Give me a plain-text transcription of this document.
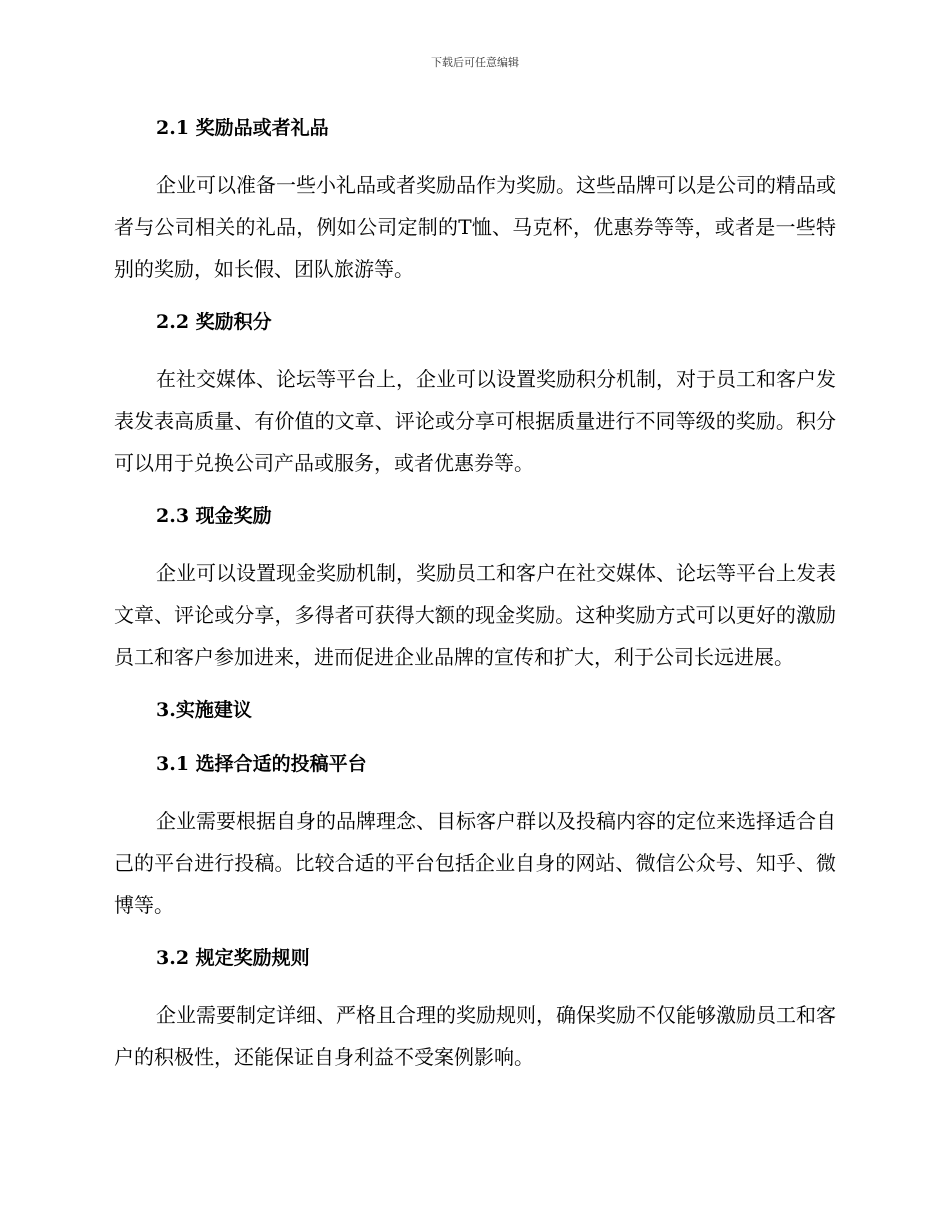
下载后可任意编辑
2.1 奖励品或者礼品

企业可以准备一些小礼品或者奖励品作为奖励。这些品牌可以是公司的精品或者与公司相关的礼品，例如公司定制的T恤、马克杯，优惠券等等，或者是一些特别的奖励，如长假、团队旅游等。

2.2 奖励积分

在社交媒体、论坛等平台上，企业可以设置奖励积分机制，对于员工和客户发表发表高质量、有价值的文章、评论或分享可根据质量进行不同等级的奖励。积分可以用于兑换公司产品或服务，或者优惠券等。

2.3 现金奖励

企业可以设置现金奖励机制，奖励员工和客户在社交媒体、论坛等平台上发表文章、评论或分享，多得者可获得大额的现金奖励。这种奖励方式可以更好的激励员工和客户参加进来，进而促进企业品牌的宣传和扩大，利于公司长远进展。

3.实施建议
3.1 选择合适的投稿平台

企业需要根据自身的品牌理念、目标客户群以及投稿内容的定位来选择适合自己的平台进行投稿。比较合适的平台包括企业自身的网站、微信公众号、知乎、微博等。

3.2 规定奖励规则

企业需要制定详细、严格且合理的奖励规则，确保奖励不仅能够激励员工和客户的积极性，还能保证自身利益不受案例影响。
